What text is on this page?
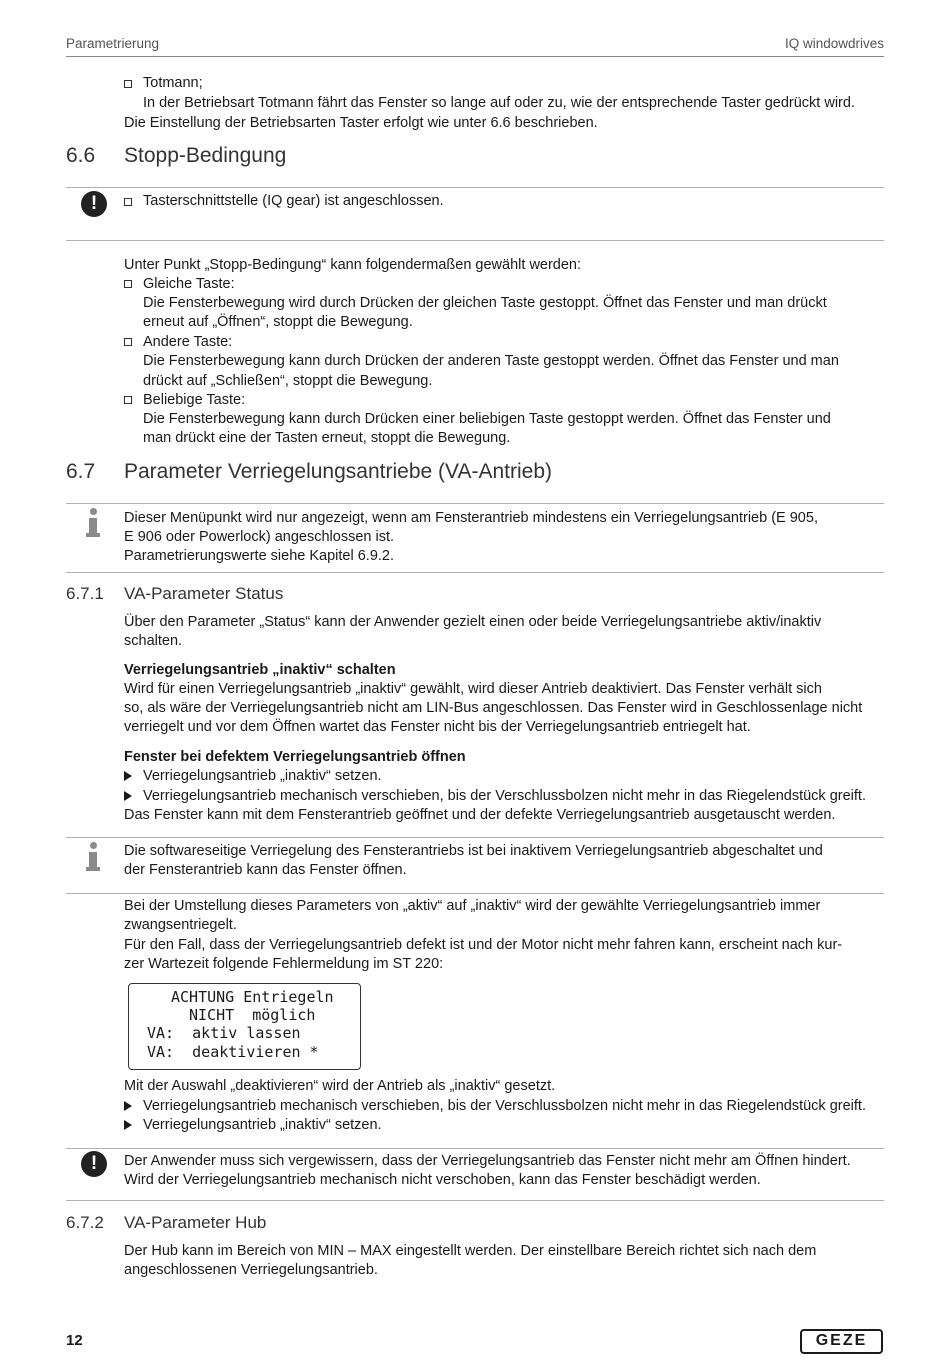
Parametrierung	IQ windowdrives
Totmann;
In der Betriebsart Totmann fährt das Fenster so lange auf oder zu, wie der entsprechende Taster gedrückt wird.
Die Einstellung der Betriebsarten Taster erfolgt wie unter 6.6 beschrieben.
6.6 Stopp-Bedingung
!	Tasterschnittstelle (IQ gear) ist angeschlossen.
Unter Punkt „Stopp-Bedingung“ kann folgendermaßen gewählt werden:
Gleiche Taste:
Die Fensterbewegung wird durch Drücken der gleichen Taste gestoppt. Öffnet das Fenster und man drückt
erneut auf „Öffnen“, stoppt die Bewegung.
Andere Taste:
Die Fensterbewegung kann durch Drücken der anderen Taste gestoppt werden. Öffnet das Fenster und man
drückt auf „Schließen“, stoppt die Bewegung.
Beliebige Taste:
Die Fensterbewegung kann durch Drücken einer beliebigen Taste gestoppt werden. Öffnet das Fenster und
man drückt eine der Tasten erneut, stoppt die Bewegung.
6.7 Parameter Verriegelungsantriebe (VA-Antrieb)
Dieser Menüpunkt wird nur angezeigt, wenn am Fensterantrieb mindestens ein Verriegelungsantrieb (E 905,
E 906 oder Powerlock) angeschlossen ist.
Parametrierungswerte siehe Kapitel 6.9.2.
6.7.1 VA-Parameter Status
Über den Parameter „Status“ kann der Anwender gezielt einen oder beide Verriegelungsantriebe aktiv/inaktiv
schalten.
Verriegelungsantrieb „inaktiv“ schalten
Wird für einen Verriegelungsantrieb „inaktiv“ gewählt, wird dieser Antrieb deaktiviert. Das Fenster verhält sich
so, als wäre der Verriegelungsantrieb nicht am LIN-Bus angeschlossen. Das Fenster wird in Geschlossenlage nicht
verriegelt und vor dem Öffnen wartet das Fenster nicht bis der Verriegelungsantrieb entriegelt hat.
Fenster bei defektem Verriegelungsantrieb öffnen
Verriegelungsantrieb „inaktiv“ setzen.
Verriegelungsantrieb mechanisch verschieben, bis der Verschlussbolzen nicht mehr in das Riegelendstück greift.
Das Fenster kann mit dem Fensterantrieb geöffnet und der defekte Verriegelungsantrieb ausgetauscht werden.
Die softwareseitige Verriegelung des Fensterantriebs ist bei inaktivem Verriegelungsantrieb abgeschaltet und
der Fensterantrieb kann das Fenster öffnen.
Bei der Umstellung dieses Parameters von „aktiv“ auf „inaktiv“ wird der gewählte Verriegelungsantrieb immer
zwangsentriegelt.
Für den Fall, dass der Verriegelungsantrieb defekt ist und der Motor nicht mehr fahren kann, erscheint nach kur-
zer Wartezeit folgende Fehlermeldung im ST 220:
ACHTUNG Entriegeln
NICHT  möglich
VA:  aktiv lassen
VA:  deaktivieren *
Mit der Auswahl „deaktivieren“ wird der Antrieb als „inaktiv“ gesetzt.
Verriegelungsantrieb mechanisch verschieben, bis der Verschlussbolzen nicht mehr in das Riegelendstück greift.
Verriegelungsantrieb „inaktiv“ setzen.
!	Der Anwender muss sich vergewissern, dass der Verriegelungsantrieb das Fenster nicht mehr am Öffnen hindert.
Wird der Verriegelungsantrieb mechanisch nicht verschoben, kann das Fenster beschädigt werden.
6.7.2 VA-Parameter Hub
Der Hub kann im Bereich von MIN – MAX eingestellt werden. Der einstellbare Bereich richtet sich nach dem
angeschlossenen Verriegelungsantrieb.
12	GEZE
